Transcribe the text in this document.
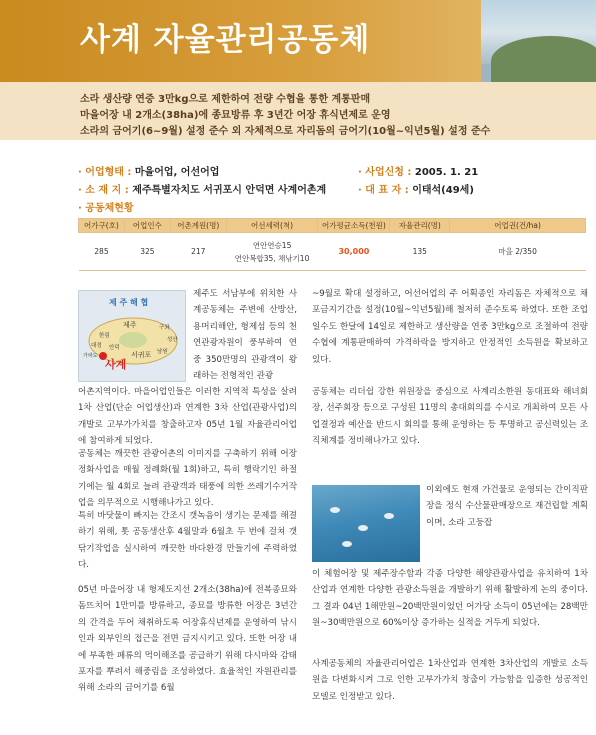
사계 자율관리공동체
소라 생산량 연중 3만kg으로 제한하여 전량 수협을 통한 계통판매
마을어장 내 2개소(38ha)에 종묘방류 후 3년간 어장 휴식년제로 운영
소라의 금어기(6~9월) 설정 준수 외 자체적으로 자리돔의 금어기(10월~익년5월) 설정 준수
· 어업형태 : 마을어업, 어선어업	· 사업신청 : 2005. 1. 21
· 소 재 지 : 제주특별자치도 서귀포시 안덕면 사계어촌계	· 대 표 자 : 이태석(49세)
· 공동체현황
어가구(호)	어업인수	어촌계원(명)	어선세력(척)	어가평균소득(천원)	자율관리(명)	어업권(건/ha)
285	325	217	연안연승15
연안복합35, 채낚기10	30,000	135	마을 2/350
제 주 해 협
제주
한림
구좌
성산
남원
안덕
대정
가파도	서귀포
사계
제주도 서남부에 위치한 사계공동체는 주변에 산방산, 용머리해안, 형제섬 등의 천연관광자원이 풍부하여 연중 350만명의 관광객이 왕래하는 전형적인 관광
어촌지역이다. 마을어업인들은 이러한 지역적 특성을 살려 1차 산업(단순 어업생산)과 연계한 3차 산업(관광사업)의 개발로 고부가가치를 창출하고자 05년 1월 자율관리어업에 참여하게 되었다.
공동체는 깨끗한 관광어촌의 이미지를 구축하기 위해 어장정화사업을 매월 정례화(월 1회)하고, 특히 행락기인 하절기에는 월 4회로 늘려 관광객과 태풍에 의한 쓰레기수거작업을 의무적으로 시행해나가고 있다.
특히 바닷물이 빠지는 간조시 갯녹음이 생기는 문제를 해결하기 위해, 톳 공동생산후 4월말과 6월초 두 번에 걸쳐 갯닦기작업을 실시하여 깨끗한 바다환경 만들기에 주력하였다.
05년 마을어장 내 형제도지선 2개소(38ha)에 전복종묘와 돔뜨치어 1만미를 방류하고, 종묘를 방류한 어장은 3년간의 간격을 두어 채취하도록 어장휴식년제를 운영하여 낚시인과 외부인의 접근을 전면 금지시키고 있다. 또한 어장 내에 부족한 패류의 먹이해조를 공급하기 위해 다시마와 감태 포자를 뿌려서 해중림을 조성하였다. 효율적인 자원관리를 위해 소라의 금어기를 6월
~9월로 확대 설정하고, 어선어업의 주 어획종인 자리돔은 자체적으로 채포금지기간을 설정(10월~익년5월)해 철저히 준수토록 하였다. 또한 조업일수도 한달에 14일로 제한하고 생산량을 연중 3만kg으로 조절하여 전량 수협에 계통판매하여 가격하락을 방지하고 안정적인 소득원을 확보하고 있다.
공동체는 리더쉽 강한 위원장을 중심으로 사계리소한원 동대표와 해녀회장, 선주회장 등으로 구성된 11명의 총대회의를 수시로 개최하여 모든 사업결정과 예산을 반드시 회의를 통해 운영하는 등 투명하고 공신력있는 조직체계를 정비해나가고 있다.
이외에도 현재 가건물로 운영되는 간이직판장을 정식 수산물판매장으로 재건립할 계획이며, 소라 고둥잡
사계공동체의 자율관리어업은 1차산업과 연계한 3차산업의 개발로 소득원을 다변화시켜 그로 인한 고부가가치 창출이 가능함을 입증한 성공적인 모델로 인정받고 있다.
이 체험어장 및 제주장수함과 각종 다양한 해양관광사업을 유치하여 1차 산업과 연계한 다양한 관광소득원을 개발하기 위해 활발하게 논의 중이다. 그 결과 04년 1해만원~20백만원이었던 어가당 소득이 05년에는 28백만원~30백만원으로 60%이상 증가하는 실적을 거두게 되었다.
